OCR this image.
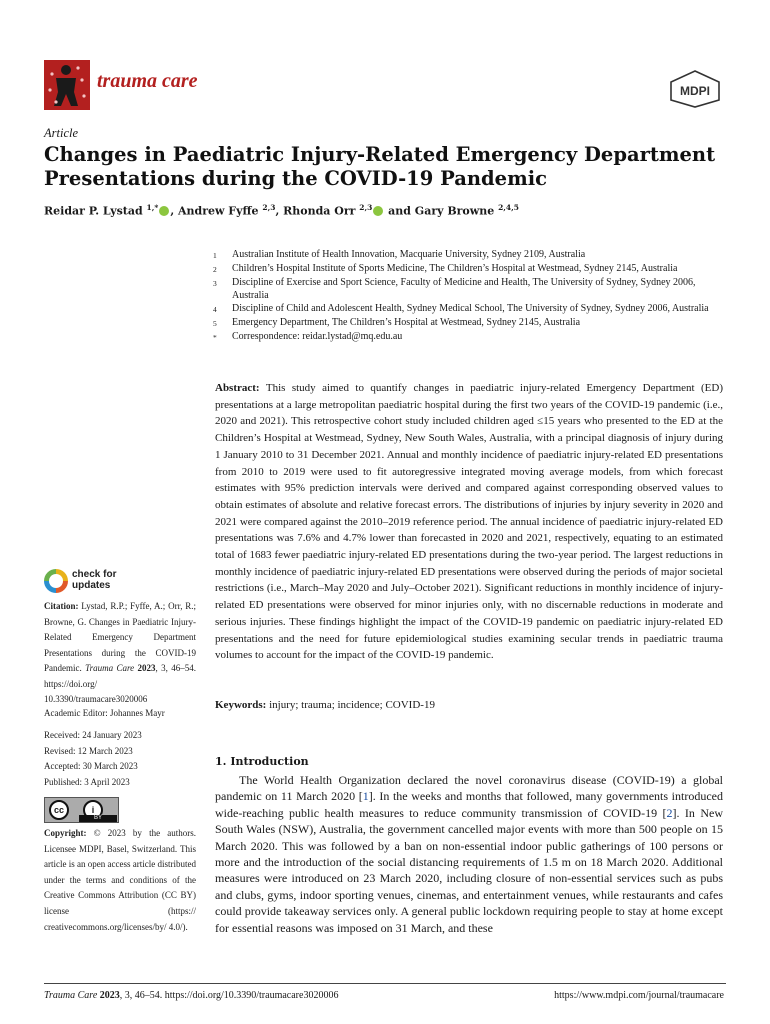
trauma care	MDPI
Article
Changes in Paediatric Injury-Related Emergency Department Presentations during the COVID-19 Pandemic
Reidar P. Lystad $^{1,*}$ , Andrew Fyffe $^{2,3}$, Rhonda Orr $^{2,3}$ and Gary Browne $^{2,4,5}$
1	Australian Institute of Health Innovation, Macquarie University, Sydney 2109, Australia
2	Children’s Hospital Institute of Sports Medicine, The Children’s Hospital at Westmead, Sydney 2145, Australia
3	Discipline of Exercise and Sport Science, Faculty of Medicine and Health, The University of Sydney, Sydney 2006, Australia
4	Discipline of Child and Adolescent Health, Sydney Medical School, The University of Sydney, Sydney 2006, Australia
5	Emergency Department, The Children’s Hospital at Westmead, Sydney 2145, Australia
*	Correspondence: reidar.lystad@mq.edu.au
check for
updates
Citation: Lystad, R.P.; Fyffe, A.; Orr, R.; Browne, G. Changes in Paediatric Injury-Related Emergency Department Presentations during the COVID-19 Pandemic. Trauma Care 2023, 3, 46–54. https://doi.org/ 10.3390/traumacare3020006
Academic Editor: Johannes Mayr
Received: 24 January 2023
Revised: 12 March 2023
Accepted: 30 March 2023
Published: 3 April 2023
cc	i
BY
Copyright: © 2023 by the authors. Licensee MDPI, Basel, Switzerland. This article is an open access article distributed under the terms and conditions of the Creative Commons Attribution (CC BY) license (https:// creativecommons.org/licenses/by/ 4.0/).
Abstract: This study aimed to quantify changes in paediatric injury-related Emergency Department (ED) presentations at a large metropolitan paediatric hospital during the first two years of the COVID-19 pandemic (i.e., 2020 and 2021). This retrospective cohort study included children aged ≤15 years who presented to the ED at the Children’s Hospital at Westmead, Sydney, New South Wales, Australia, with a principal diagnosis of injury during 1 January 2010 to 31 December 2021. Annual and monthly incidence of paediatric injury-related ED presentations from 2010 to 2019 were used to fit autoregressive integrated moving average models, from which forecast estimates with 95% prediction intervals were derived and compared against corresponding observed values to obtain estimates of absolute and relative forecast errors. The distributions of injuries by injury severity in 2020 and 2021 were compared against the 2010–2019 reference period. The annual incidence of paediatric injury-related ED presentations was 7.6% and 4.7% lower than forecasted in 2020 and 2021, respectively, equating to an estimated total of 1683 fewer paediatric injury-related ED presentations during the two-year period. The largest reductions in monthly incidence of paediatric injury-related ED presentations were observed during the periods of major societal restrictions (i.e., March–May 2020 and July–October 2021). Significant reductions in monthly incidence of injury-related ED presentations were observed for minor injuries only, with no discernable reductions in moderate and serious injuries. These findings highlight the impact of the COVID-19 pandemic on paediatric injury-related ED presentations and the need for future epidemiological studies examining secular trends in paediatric trauma volumes to account for the impact of the COVID-19 pandemic.
Keywords: injury; trauma; incidence; COVID-19
1. Introduction
The World Health Organization declared the novel coronavirus disease (COVID-19) a global pandemic on 11 March 2020 [1]. In the weeks and months that followed, many governments introduced wide-reaching public health measures to reduce community transmission of COVID-19 [2]. In New South Wales (NSW), Australia, the government cancelled major events with more than 500 people on 15 March 2020. This was followed by a ban on non-essential indoor public gatherings of 100 persons or more and the introduction of the social distancing requirements of 1.5 m on 18 March 2020. Additional measures were introduced on 23 March 2020, including closure of non-essential services such as pubs and clubs, gyms, indoor sporting venues, cinemas, and entertainment venues, while restaurants and cafes could provide takeaway services only. A general public lockdown requiring people to stay at home except for essential reasons was imposed on 31 March, and these
Trauma Care 2023, 3, 46–54. https://doi.org/10.3390/traumacare3020006	https://www.mdpi.com/journal/traumacare
